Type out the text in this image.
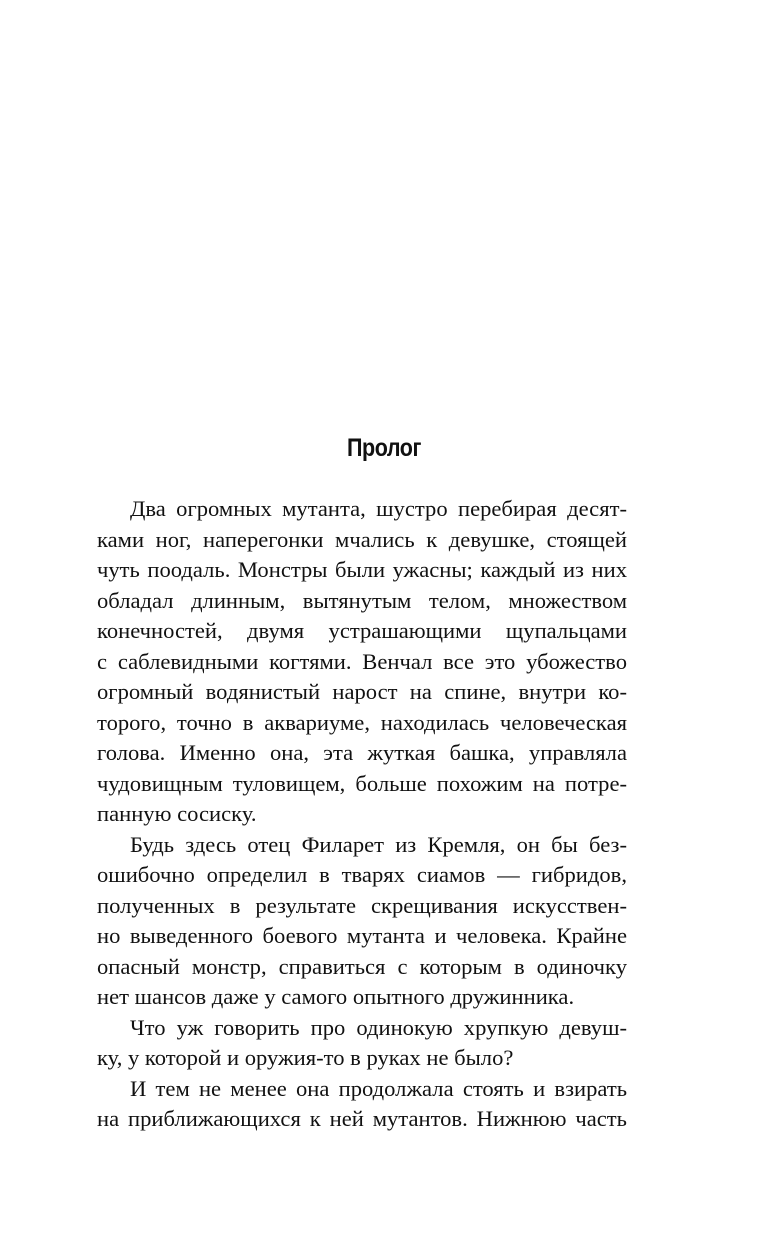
Пролог
Два огромных мутанта, шустро перебирая десят-
ками ног, наперегонки мчались к девушке, стоящей
чуть поодаль. Монстры были ужасны; каждый из них
обладал длинным, вытянутым телом, множеством
конечностей, двумя устрашающими щупальцами
с саблевидными когтями. Венчал все это убожество
огромный водянистый нарост на спине, внутри ко-
торого, точно в аквариуме, находилась человеческая
голова. Именно она, эта жуткая башка, управляла
чудовищным туловищем, больше похожим на потре-
панную сосиску.
Будь здесь отец Филарет из Кремля, он бы без-
ошибочно определил в тварях сиамов — гибридов,
полученных в результате скрещивания искусствен-
но выведенного боевого мутанта и человека. Крайне
опасный монстр, справиться с которым в одиночку
нет шансов даже у самого опытного дружинника.
Что уж говорить про одинокую хрупкую девуш-
ку, у которой и оружия-то в руках не было?
И тем не менее она продолжала стоять и взирать
на приближающихся к ней мутантов. Нижнюю часть
